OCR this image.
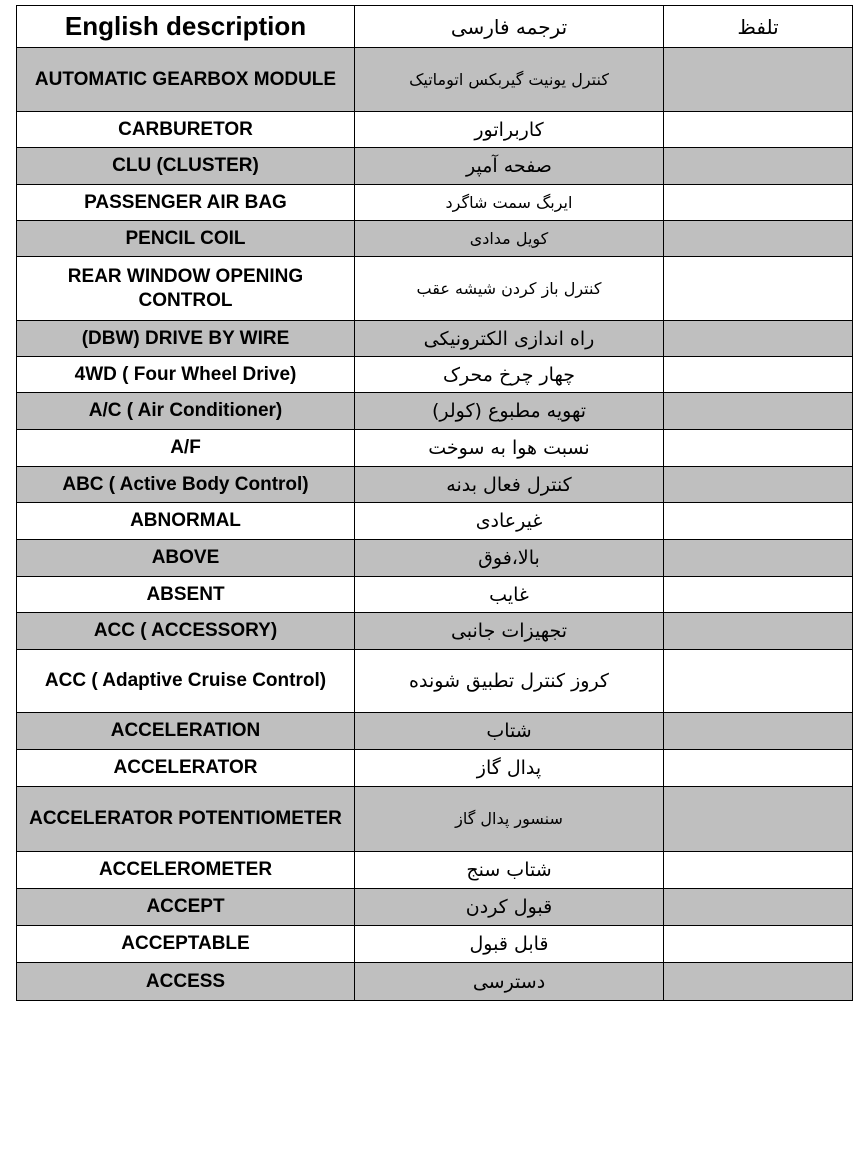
English description	ترجمه فارسی	تلفظ
AUTOMATIC GEARBOX MODULE	کنترل یونیت گیربکس اتوماتیک	
CARBURETOR	کاربراتور	
CLU (CLUSTER)	صفحه آمپر	
PASSENGER AIR BAG	ایربگ سمت شاگرد	
PENCIL COIL	کویل مدادی	
REAR WINDOW OPENING CONTROL	کنترل باز کردن شیشه عقب	
(DBW) DRIVE BY WIRE	راه اندازی الکترونیکی	
4WD ( Four Wheel Drive)	چهار چرخ محرک	
A/C ( Air Conditioner)	تهویه مطبوع (کولر)	
A/F	نسبت هوا به سوخت	
ABC ( Active Body Control)	کنترل فعال بدنه	
ABNORMAL	غیرعادی	
ABOVE	بالا،فوق	
ABSENT	غایب	
ACC ( ACCESSORY)	تجهیزات جانبی	
ACC ( Adaptive Cruise Control)	کروز کنترل تطبیق شونده	
ACCELERATION	شتاب	
ACCELERATOR	پدال گاز	
ACCELERATOR POTENTIOMETER	سنسور پدال گاز	
ACCELEROMETER	شتاب سنج	
ACCEPT	قبول کردن	
ACCEPTABLE	قابل قبول	
ACCESS	دسترسی	
